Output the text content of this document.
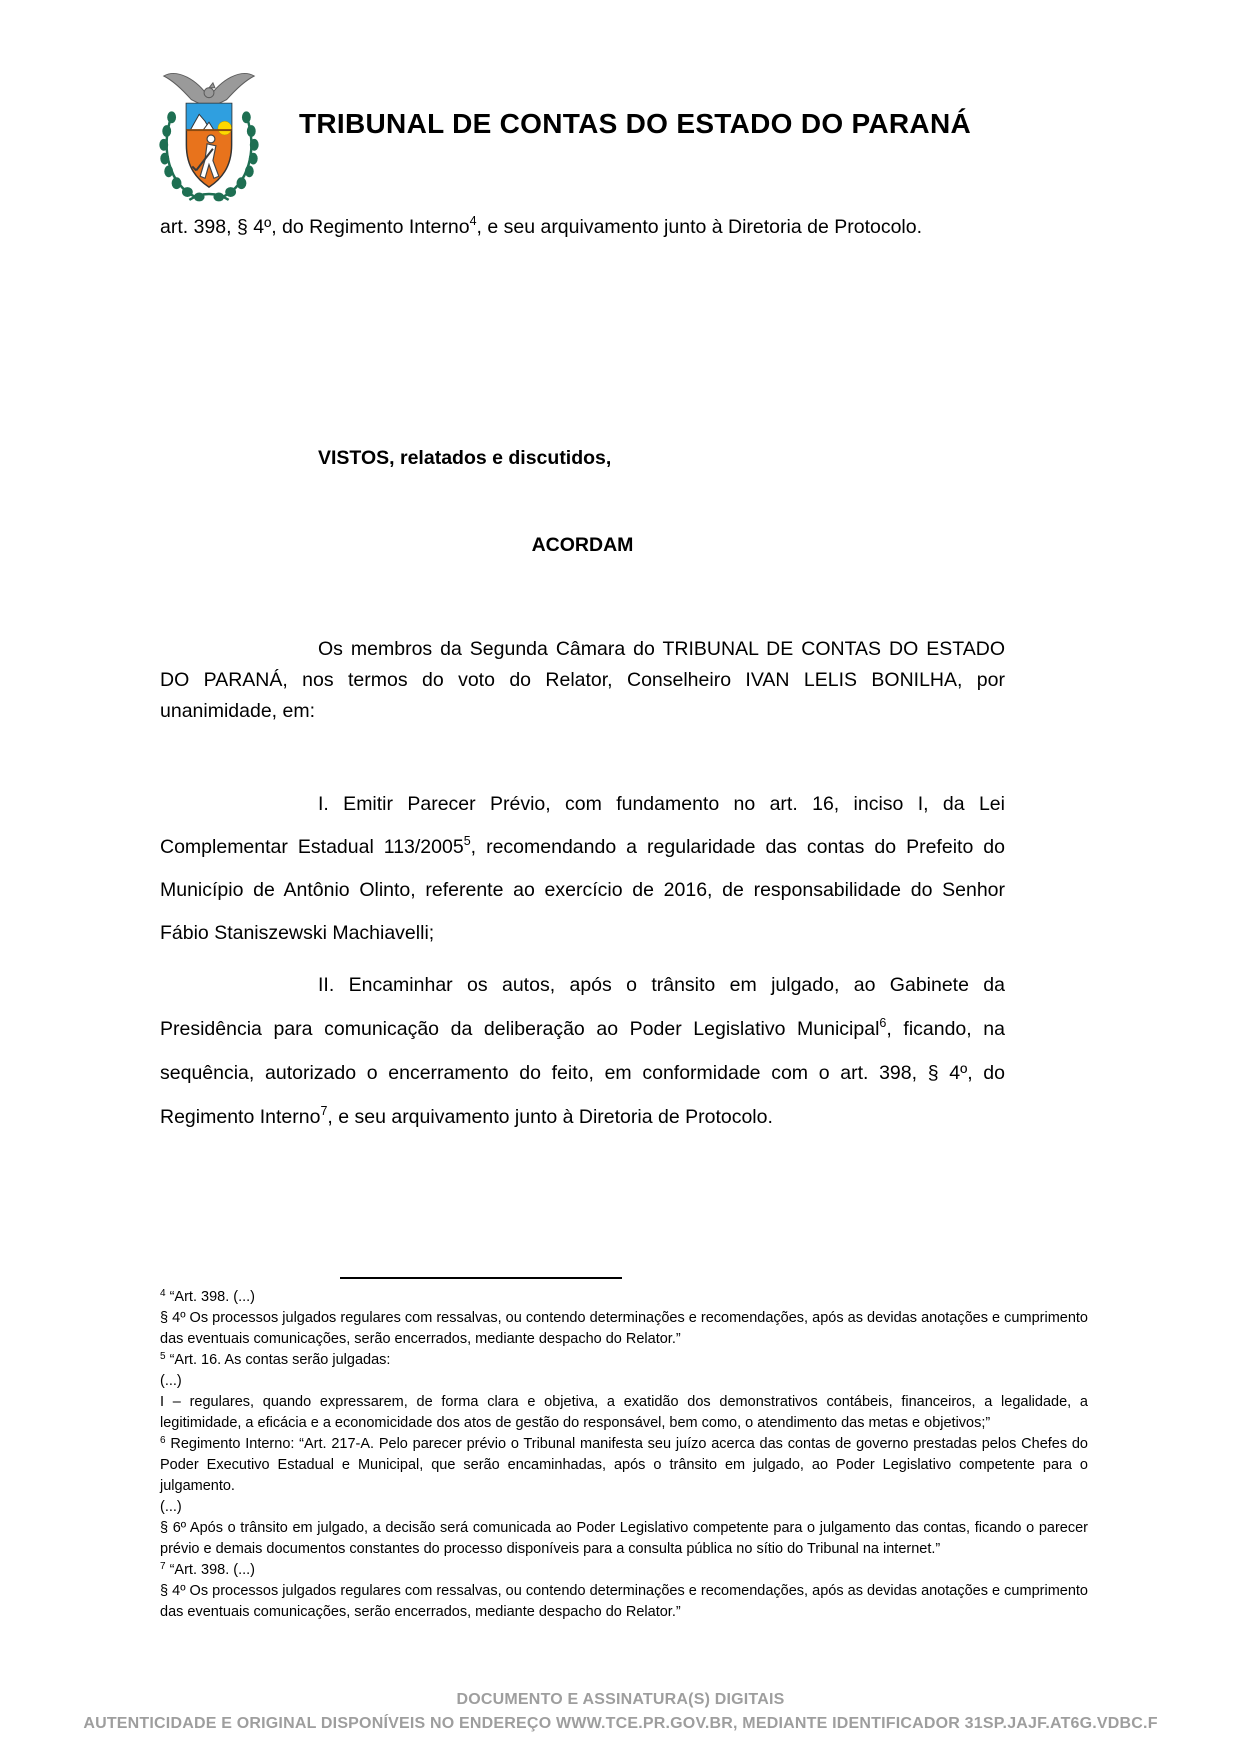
TRIBUNAL DE CONTAS DO ESTADO DO PARANÁ

art. 398, § 4º, do Regimento Interno$^4$, e seu arquivamento junto à Diretoria de Protocolo.

VISTOS, relatados e discutidos,

ACORDAM

Os membros da Segunda Câmara do TRIBUNAL DE CONTAS DO ESTADO DO PARANÁ, nos termos do voto do Relator, Conselheiro IVAN LELIS BONILHA, por unanimidade, em:

I. Emitir Parecer Prévio, com fundamento no art. 16, inciso I, da Lei Complementar Estadual 113/2005$^5$, recomendando a regularidade das contas do Prefeito do Município de Antônio Olinto, referente ao exercício de 2016, de responsabilidade do Senhor Fábio Staniszewski Machiavelli;

II. Encaminhar os autos, após o trânsito em julgado, ao Gabinete da Presidência para comunicação da deliberação ao Poder Legislativo Municipal$^6$, ficando, na sequência, autorizado o encerramento do feito, em conformidade com o art. 398, § 4º, do Regimento Interno$^7$, e seu arquivamento junto à Diretoria de Protocolo.

$^4$ “Art. 398. (...)
§ 4º Os processos julgados regulares com ressalvas, ou contendo determinações e recomendações, após as devidas anotações e cumprimento das eventuais comunicações, serão encerrados, mediante despacho do Relator.”
$^5$ “Art. 16. As contas serão julgadas:
(...)
I – regulares, quando expressarem, de forma clara e objetiva, a exatidão dos demonstrativos contábeis, financeiros, a legalidade, a legitimidade, a eficácia e a economicidade dos atos de gestão do responsável, bem como, o atendimento das metas e objetivos;”
$^6$ Regimento Interno: “Art. 217-A. Pelo parecer prévio o Tribunal manifesta seu juízo acerca das contas de governo prestadas pelos Chefes do Poder Executivo Estadual e Municipal, que serão encaminhadas, após o trânsito em julgado, ao Poder Legislativo competente para o julgamento.
(...)
§ 6º Após o trânsito em julgado, a decisão será comunicada ao Poder Legislativo competente para o julgamento das contas, ficando o parecer prévio e demais documentos constantes do processo disponíveis para a consulta pública no sítio do Tribunal na internet.”
$^7$ “Art. 398. (...)
§ 4º Os processos julgados regulares com ressalvas, ou contendo determinações e recomendações, após as devidas anotações e cumprimento das eventuais comunicações, serão encerrados, mediante despacho do Relator.”
DOCUMENTO E ASSINATURA(S) DIGITAIS
AUTENTICIDADE E ORIGINAL DISPONÍVEIS NO ENDEREÇO WWW.TCE.PR.GOV.BR, MEDIANTE IDENTIFICADOR 31SP.JAJF.AT6G.VDBC.F
